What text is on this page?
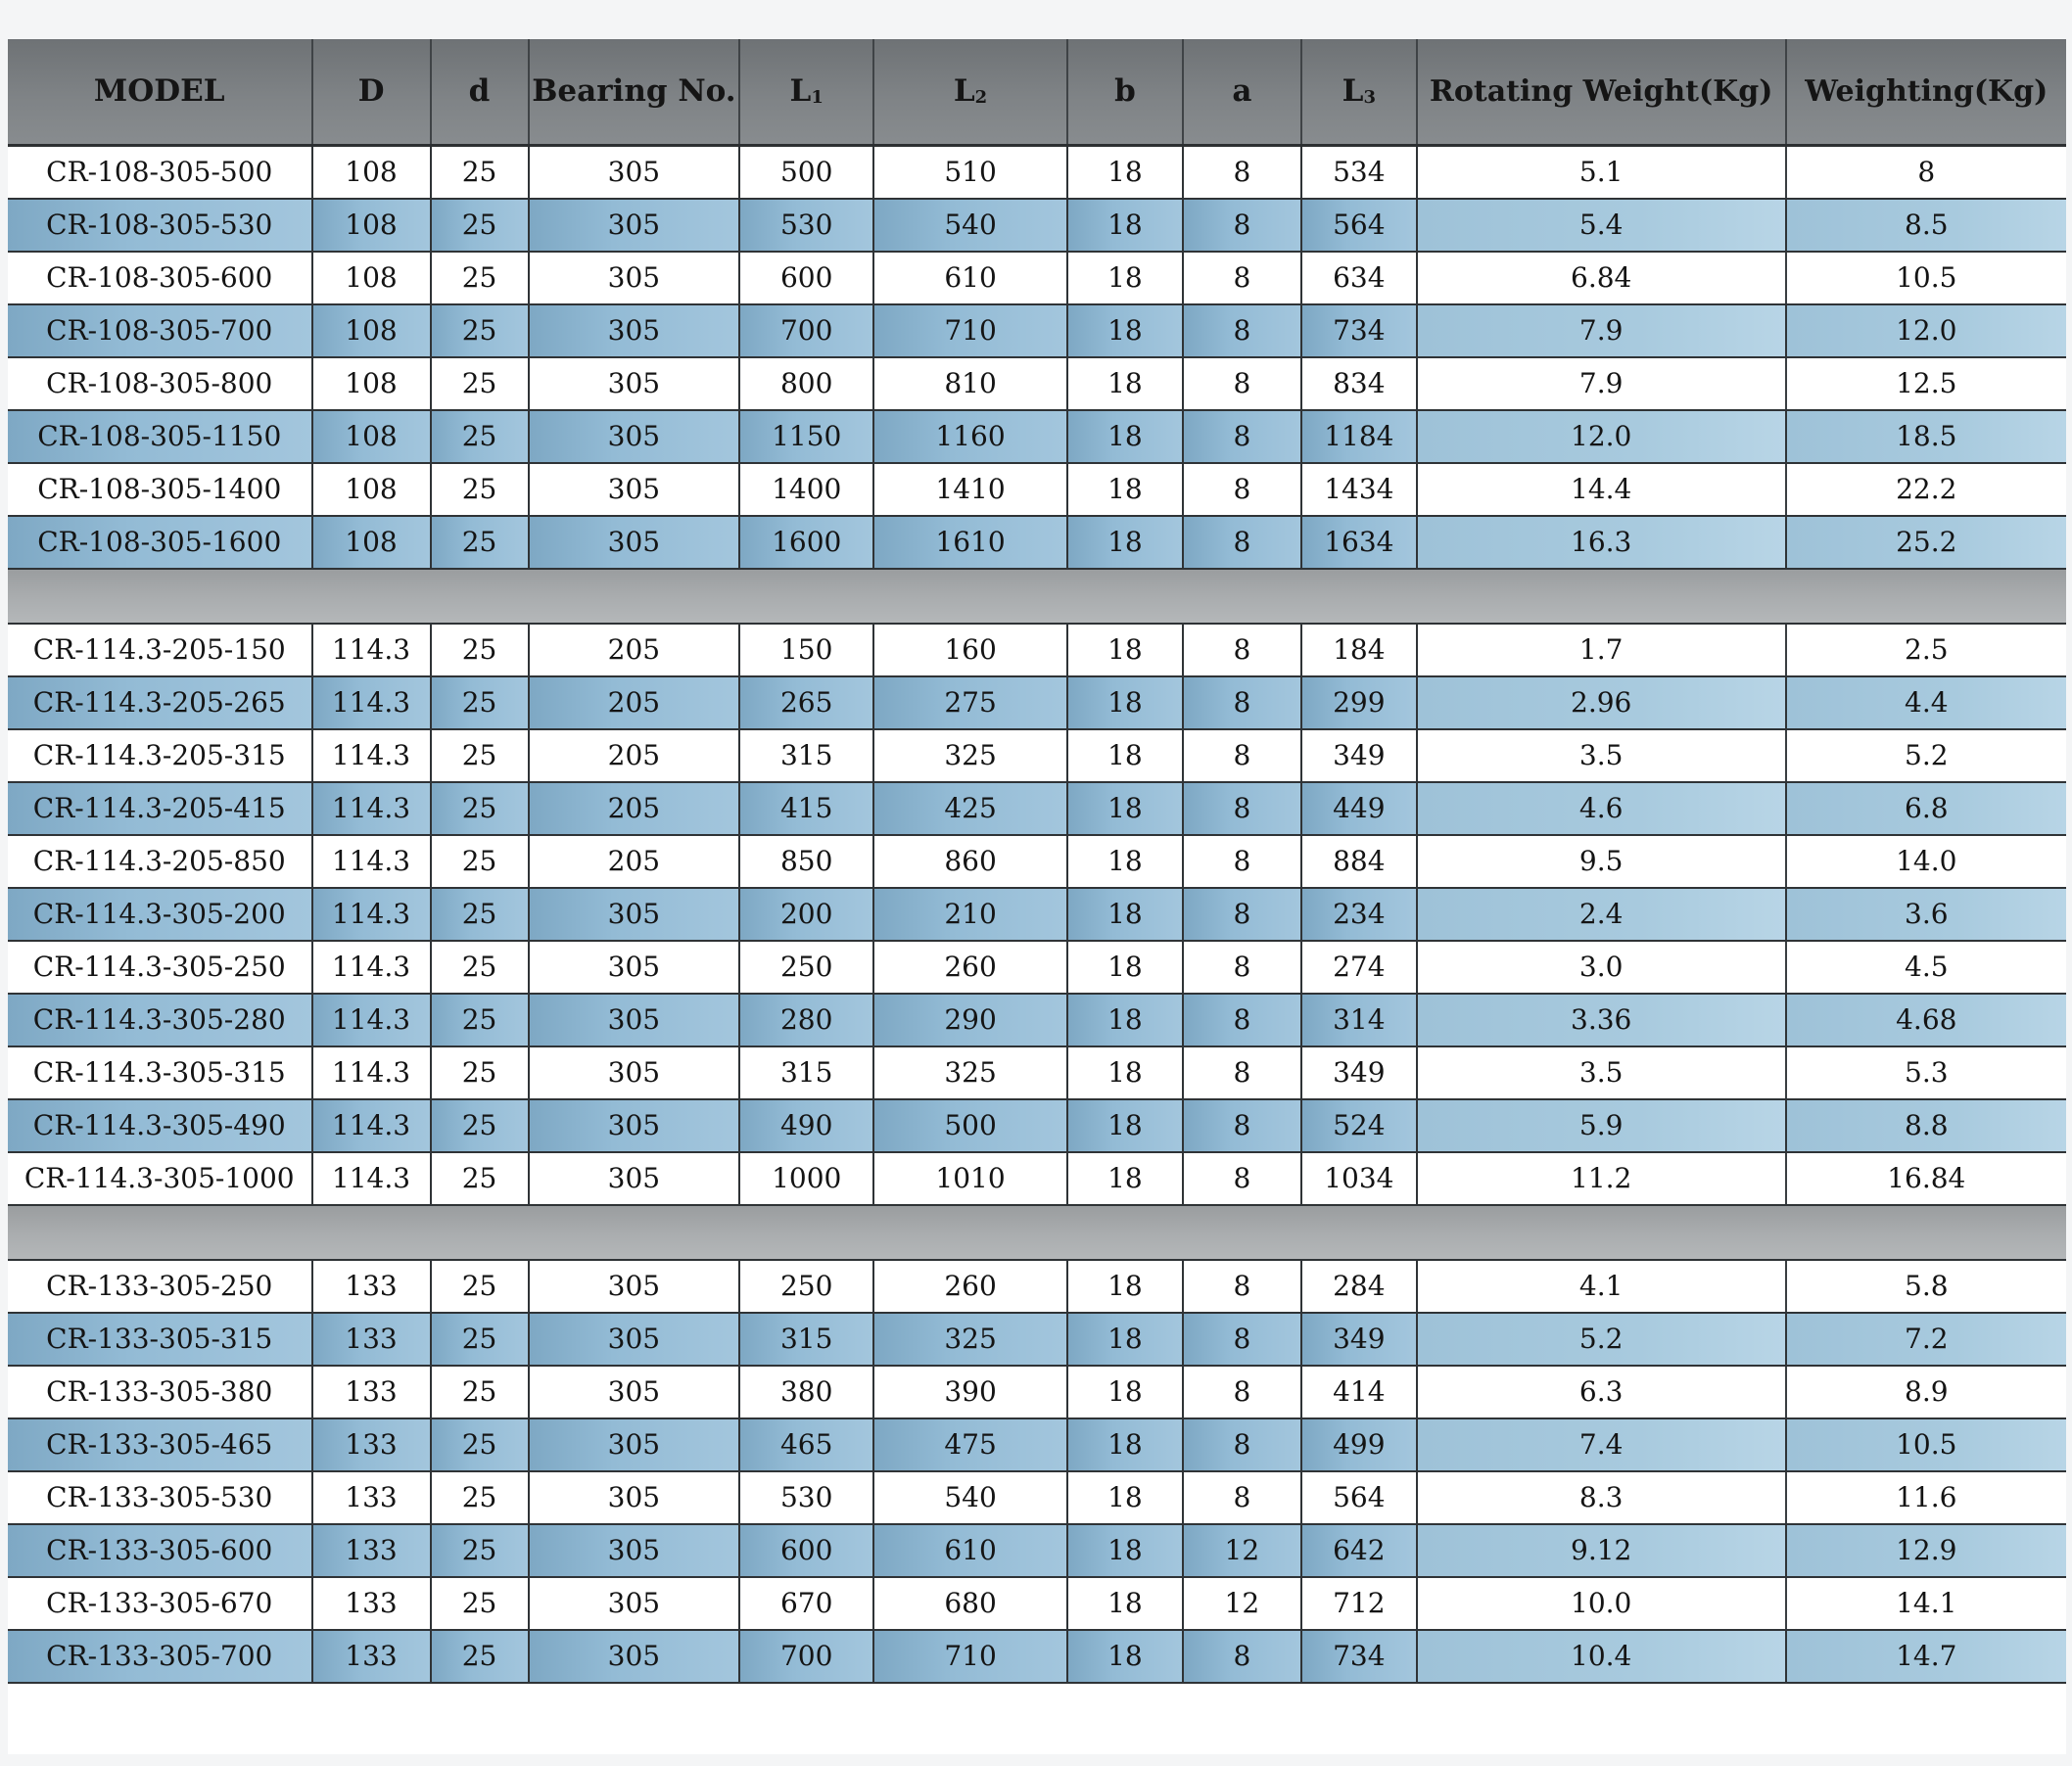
MODEL	D	d	Bearing No.	$L_1$	$L_2$	b	a	$L_3$	Rotating Weight(Kg)	Weighting(Kg)
CR-108-305-500	108	25	305	500	510	18	8	534	5.1	8
CR-108-305-530	108	25	305	530	540	18	8	564	5.4	8.5
CR-108-305-600	108	25	305	600	610	18	8	634	6.84	10.5
CR-108-305-700	108	25	305	700	710	18	8	734	7.9	12.0
CR-108-305-800	108	25	305	800	810	18	8	834	7.9	12.5
CR-108-305-1150	108	25	305	1150	1160	18	8	1184	12.0	18.5
CR-108-305-1400	108	25	305	1400	1410	18	8	1434	14.4	22.2
CR-108-305-1600	108	25	305	1600	1610	18	8	1634	16.3	25.2

CR-114.3-205-150	114.3	25	205	150	160	18	8	184	1.7	2.5
CR-114.3-205-265	114.3	25	205	265	275	18	8	299	2.96	4.4
CR-114.3-205-315	114.3	25	205	315	325	18	8	349	3.5	5.2
CR-114.3-205-415	114.3	25	205	415	425	18	8	449	4.6	6.8
CR-114.3-205-850	114.3	25	205	850	860	18	8	884	9.5	14.0
CR-114.3-305-200	114.3	25	305	200	210	18	8	234	2.4	3.6
CR-114.3-305-250	114.3	25	305	250	260	18	8	274	3.0	4.5
CR-114.3-305-280	114.3	25	305	280	290	18	8	314	3.36	4.68
CR-114.3-305-315	114.3	25	305	315	325	18	8	349	3.5	5.3
CR-114.3-305-490	114.3	25	305	490	500	18	8	524	5.9	8.8
CR-114.3-305-1000	114.3	25	305	1000	1010	18	8	1034	11.2	16.84

CR-133-305-250	133	25	305	250	260	18	8	284	4.1	5.8
CR-133-305-315	133	25	305	315	325	18	8	349	5.2	7.2
CR-133-305-380	133	25	305	380	390	18	8	414	6.3	8.9
CR-133-305-465	133	25	305	465	475	18	8	499	7.4	10.5
CR-133-305-530	133	25	305	530	540	18	8	564	8.3	11.6
CR-133-305-600	133	25	305	600	610	18	12	642	9.12	12.9
CR-133-305-670	133	25	305	670	680	18	12	712	10.0	14.1
CR-133-305-700	133	25	305	700	710	18	8	734	10.4	14.7
